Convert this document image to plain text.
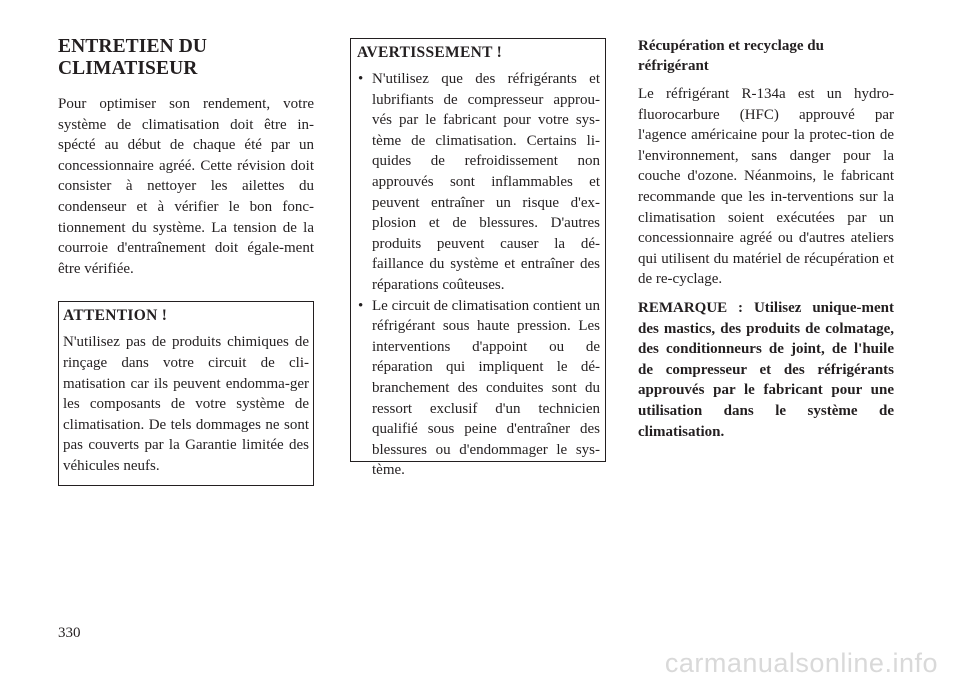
ENTRETIEN DU
CLIMATISEUR

Pour optimiser son rendement, votre système de climatisation doit être in-spécté au début de chaque été par un concessionnaire agréé. Cette révision doit consister à nettoyer les ailettes du condenseur et à vérifier le bon fonc-tionnement du système. La tension de la courroie d'entraînement doit égale-ment être vérifiée.

ATTENTION !

N'utilisez pas de produits chimiques de rinçage dans votre circuit de cli-matisation car ils peuvent endomma-ger les composants de votre système de climatisation. De tels dommages ne sont pas couverts par la Garantie limitée des véhicules neufs.

AVERTISSEMENT !
• N'utilisez que des réfrigérants et lubrifiants de compresseur approu-vés par le fabricant pour votre sys-tème de climatisation. Certains li-quides de refroidissement non approuvés sont inflammables et peuvent entraîner un risque d'ex-plosion et de blessures. D'autres produits peuvent causer la dé-faillance du système et entraîner des réparations coûteuses.
• Le circuit de climatisation contient un réfrigérant sous haute pression. Les interventions d'appoint ou de réparation qui impliquent le dé-branchement des conduites sont du ressort exclusif d'un technicien qualifié sous peine d'entraîner des blessures ou d'endommager le sys-tème.
Récupération et recyclage du réfrigérant

Le réfrigérant R-134a est un hydro-fluorocarbure (HFC) approuvé par l'agence américaine pour la protec-tion de l'environnement, sans danger pour la couche d'ozone. Néanmoins, le fabricant recommande que les in-terventions sur la climatisation soient exécutées par un concessionnaire agréé ou d'autres ateliers qui utilisent du matériel de récupération et de re-cyclage.

REMARQUE : Utilisez unique-ment des mastics, des produits de colmatage, des conditionneurs de joint, de l'huile de compresseur et des réfrigérants approuvés par le fabricant pour une utilisation dans le système de climatisation.

330
carmanualsonline.info
